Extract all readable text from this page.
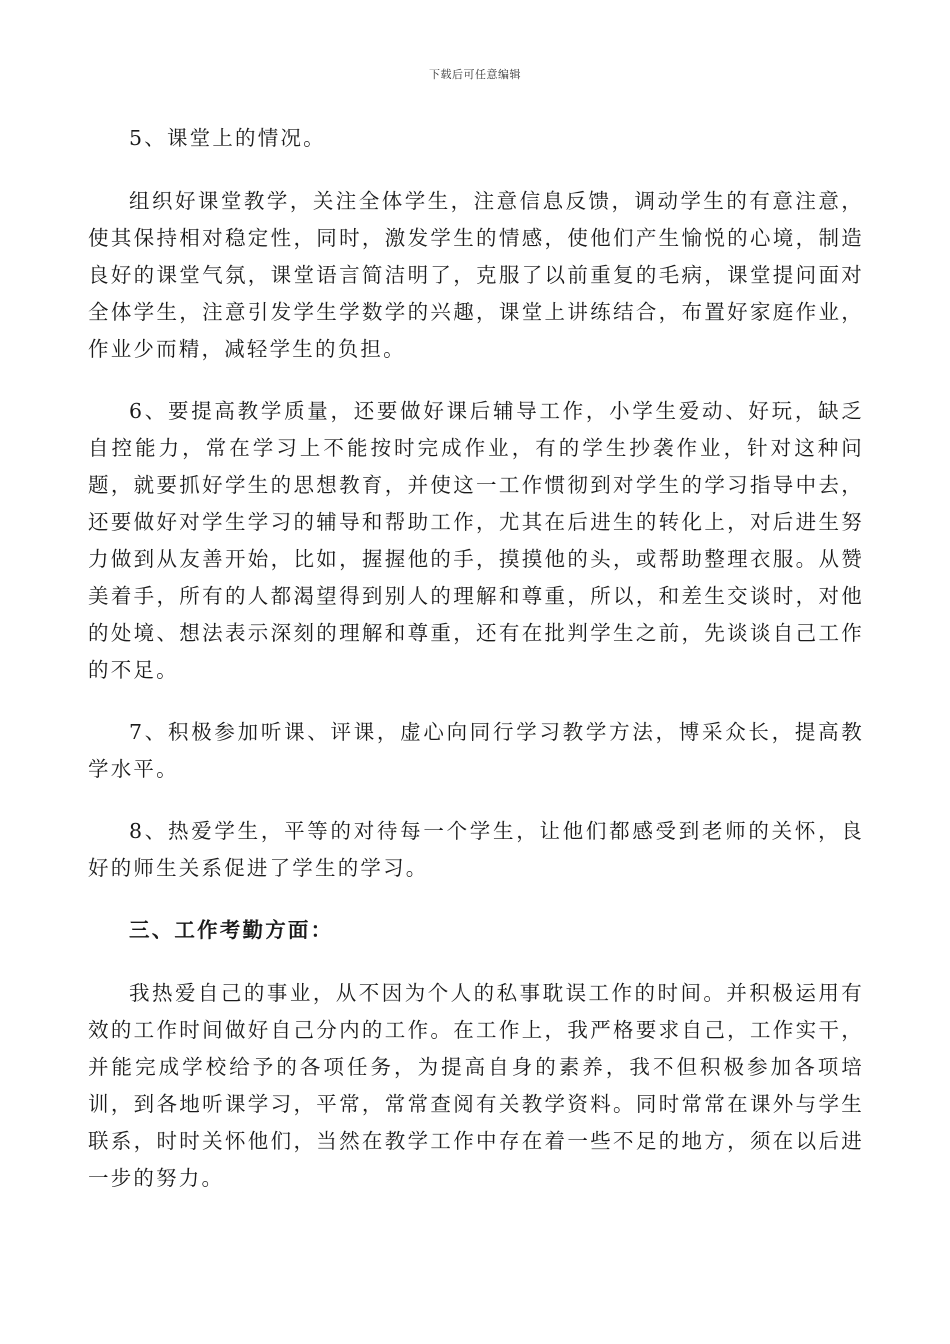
下载后可任意编辑

5、课堂上的情况。

组织好课堂教学，关注全体学生，注意信息反馈，调动学生的有意注意，使其保持相对稳定性，同时，激发学生的情感，使他们产生愉悦的心境，制造良好的课堂气氛，课堂语言简洁明了，克服了以前重复的毛病，课堂提问面对全体学生，注意引发学生学数学的兴趣，课堂上讲练结合，布置好家庭作业，作业少而精，减轻学生的负担。

6、要提高教学质量，还要做好课后辅导工作，小学生爱动、好玩，缺乏自控能力，常在学习上不能按时完成作业，有的学生抄袭作业，针对这种问题，就要抓好学生的思想教育，并使这一工作惯彻到对学生的学习指导中去，还要做好对学生学习的辅导和帮助工作，尤其在后进生的转化上，对后进生努力做到从友善开始，比如，握握他的手，摸摸他的头，或帮助整理衣服。从赞美着手，所有的人都渴望得到别人的理解和尊重，所以，和差生交谈时，对他的处境、想法表示深刻的理解和尊重，还有在批判学生之前，先谈谈自己工作的不足。

7、积极参加听课、评课，虚心向同行学习教学方法，博采众长，提高教学水平。

8、热爱学生，平等的对待每一个学生，让他们都感受到老师的关怀，良好的师生关系促进了学生的学习。

三、工作考勤方面：

我热爱自己的事业，从不因为个人的私事耽误工作的时间。并积极运用有效的工作时间做好自己分内的工作。在工作上，我严格要求自己，工作实干，并能完成学校给予的各项任务，为提高自身的素养，我不但积极参加各项培训，到各地听课学习，平常，常常查阅有关教学资料。同时常常在课外与学生联系，时时关怀他们，当然在教学工作中存在着一些不足的地方，须在以后进一步的努力。
